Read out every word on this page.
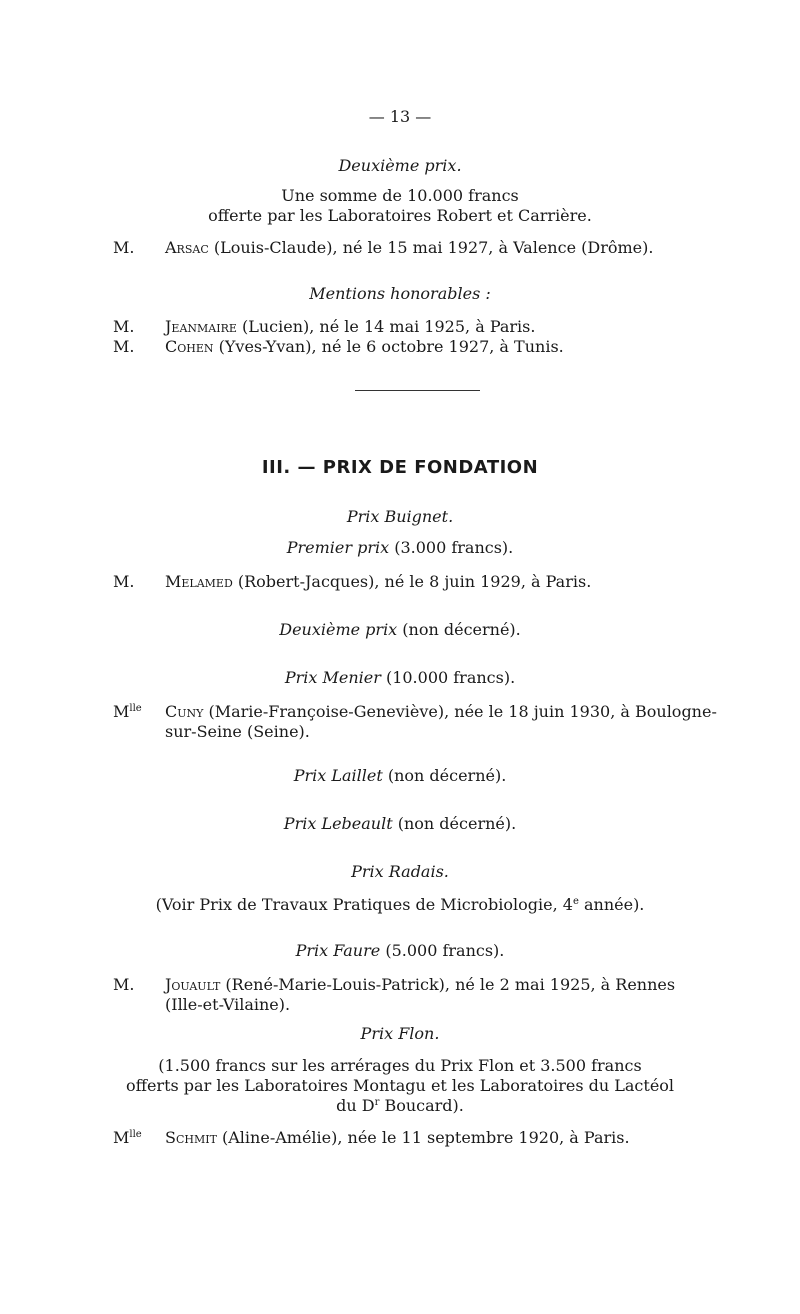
— 13 —
Deuxième prix.
Une somme de 10.000 francs
offerte par les Laboratoires Robert et Carrière.
M. Arsac (Louis-Claude), né le 15 mai 1927, à Valence (Drôme).
Mentions honorables :
M. Jeanmaire (Lucien), né le 14 mai 1925, à Paris.
M. Cohen (Yves-Yvan), né le 6 octobre 1927, à Tunis.
III. — PRIX DE FONDATION
Prix Buignet.
Premier prix (3.000 francs).
M. Melamed (Robert-Jacques), né le 8 juin 1929, à Paris.
Deuxième prix (non décerné).
Prix Menier (10.000 francs).
$M^{lle}$ Cuny (Marie-Françoise-Geneviève), née le 18 juin 1930, à Boulogne-
sur-Seine (Seine).
Prix Laillet (non décerné).
Prix Lebeault (non décerné).
Prix Radais.
(Voir Prix de Travaux Pratiques de Microbiologie, 4e année).
Prix Faure (5.000 francs).
M. Jouault (René-Marie-Louis-Patrick), né le 2 mai 1925, à Rennes
(Ille-et-Vilaine).
Prix Flon.
(1.500 francs sur les arrérages du Prix Flon et 3.500 francs
offerts par les Laboratoires Montagu et les Laboratoires du Lactéol
du $D^r$ Boucard).
$M^{lle}$ Schmit (Aline-Amélie), née le 11 septembre 1920, à Paris.
